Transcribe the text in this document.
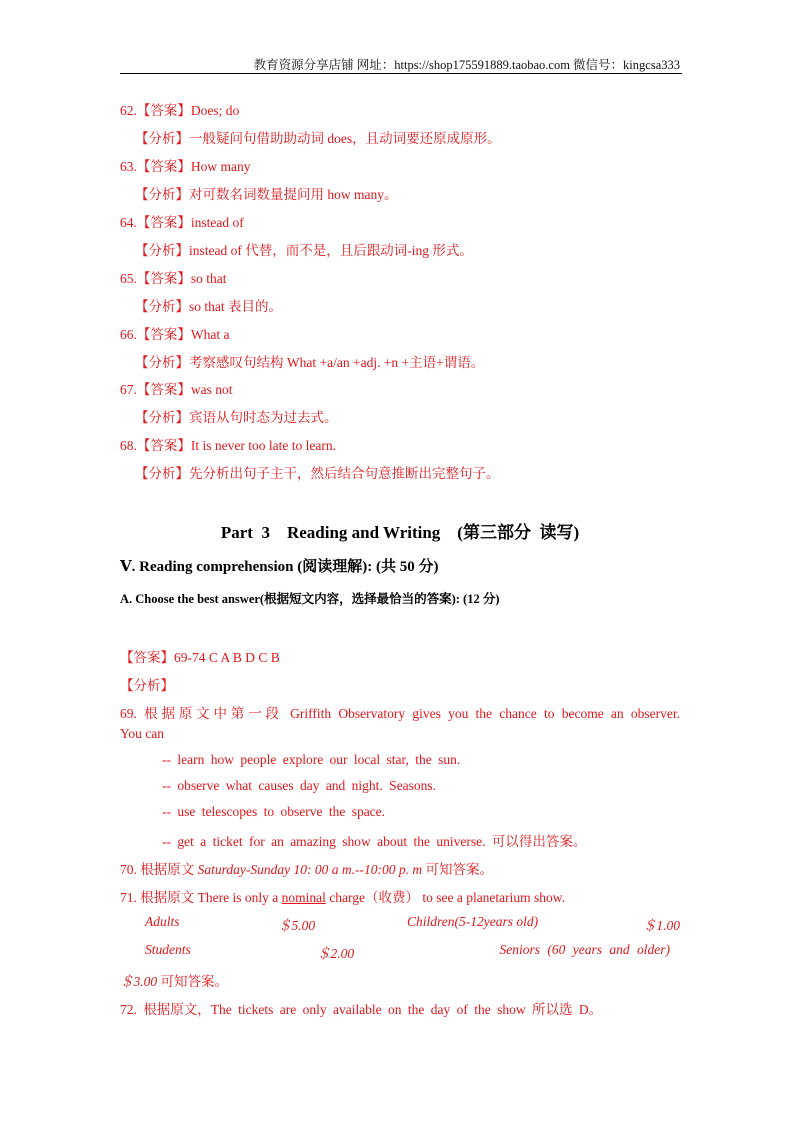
教育资源分享店铺 网址：https://shop175591889.taobao.com 微信号：kingcsa333
62.【答案】Does; do
【分析】一般疑问句借助助动词 does，且动词要还原成原形。
63.【答案】How many
【分析】对可数名词数量提问用 how many。
64.【答案】instead of
【分析】instead of 代替，而不是，且后跟动词-ing 形式。
65.【答案】so that
【分析】so that 表目的。
66.【答案】What a
【分析】考察感叹句结构 What +a/an +adj. +n +主语+谓语。
67.【答案】was not
【分析】宾语从句时态为过去式。
68.【答案】It is never too late to learn.
【分析】先分析出句子主干，然后结合句意推断出完整句子。
Part  3    Reading and Writing    (第三部分  读写)
Ⅴ. Reading comprehension (阅读理解): (共 50 分)
A. Choose the best answer(根据短文内容，选择最恰当的答案): (12 分)
【答案】69-74 C A B D C B
【分析】
69. 根据原文中第一段 Griffith Observatory gives you the chance to become an observer.
You can
-- learn how people explore our local star, the sun.
-- observe what causes day and night. Seasons.
-- use telescopes to observe the space.
-- get a ticket for an amazing show about the universe. 可以得出答案。
70. 根据原文 Saturday-Sunday 10: 00 a m.--10:00 p. m 可知答案。
71. 根据原文 There is only a nominal charge（收费） to see a planetarium show.
Adults	＄5.00	Children(5-12years old)	＄1.00
Students	＄2.00	Seniors (60 years and older)
＄3.00 可知答案。
72. 根据原文，The tickets are only available on the day of the show 所以选 D。
